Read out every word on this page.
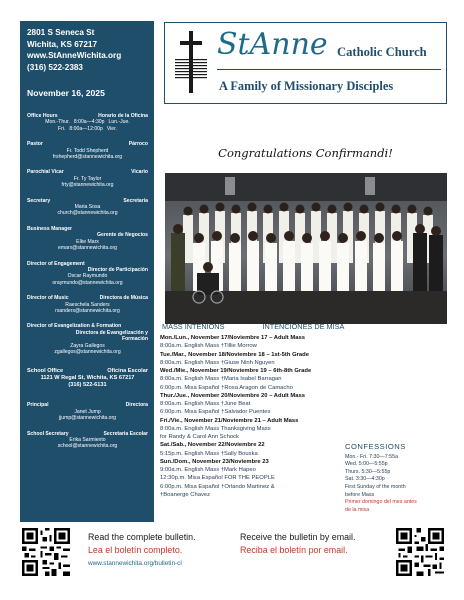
2801 S Seneca St
Wichita, KS 67217
www.StAnneWichita.org
(316) 522-2383
November 16, 2025
Office Hours	Horario de la Oficina
Mon.-Thur. 8:00a—4:30p Lun.-Jue.
Fri. 8:00a—12:00p Vier.
Pastor	Párroco
Fr. Todd Shepherd
frshepherd@stannewichita.org
Parochial Vicar	Vicario
Fr. Ty Taylor
frty@stannewichita.org
Secretary	Secretaria
Maria Sosa
church@stannewichita.org
Business Manager
Gerente de Negocios
Elke Marx
emarx@stannewichita.org
Director of Engagement
Director de Participación
Oscar Raymundo
oraymundo@stannewichita.org
Director of Music	Directora de Música
Raeschela Sanders
rsanders@stannewichita.org
Director of Evangelization & Formation
Directora de Evangelización y
Formación
Zayra Gallegos
zgallegos@stannewichita.org
School Office	Oficina Escolar
1121 W Regal St, Wichita, KS 67217
(316) 522-6131
Principal	Directora
Janet Jump
jjump@stannewichita.org
School Secretary	Secretaria Escolar
Erika Sarmiento
school@stannewichita.org
StAnne Catholic Church
A Family of Missionary Disciples
Congratulations Confirmandi!
MASS INTENIONS	INTENCIONES DE MISA
Mon./Lun., November 17/Noviembre 17 – Adult Mass
8:00a.m. English Mass †Tillie Morrow
Tue./Mar., November 18/Noviembre 18 – 1st-5th Grade
8:00a.m. English Mass †Giuse Ninh Nguyen
Wed./Mie., November 19/Noviembre 19 – 6th-8th Grade
8:00a.m. English Mass †Maria Isabel Barragan
6:00p.m. Misa Español †Rosa Aragon de Camacho
Thur./Jue., November 20/Noviembre 20 – Adult Mass
8:00a.m. English Mass †June Beat
6:00p.m. Misa Español †Salvador Puentes
Fri./Vie., November 21/Noviembre 21 – Adult Mass
8:00a.m. English Mass Thanksgiving Mass
for Randy & Carol Ann Schock
Sat./Sab., November 22/Noviembre 22
5:15p.m. English Mass †Sally Bouska
Sun./Dom., November 23/Noviembre 23
9:00a.m. English Mass †Mark Hapeo
12:30p.m. Misa Español FOR THE PEOPLE
6:00p.m. Misa Español †Orlando Martinez &
†Boanerge Chavez
CONFESSIONS
Mon.- Fri. 7:30—7:55a
Wed. 5:00—5:55p
Thurs. 5:30—5:55p
Sat. 3:30—4:30p
First Sunday of the month
before Mass
Primer domingo del mes antes
de la misa
Read the complete bulletin.
Lea el boletín completo.
www.stannewichita.org/bulletin-cl
Receive the bulletin by email.
Reciba el boletín por email.
